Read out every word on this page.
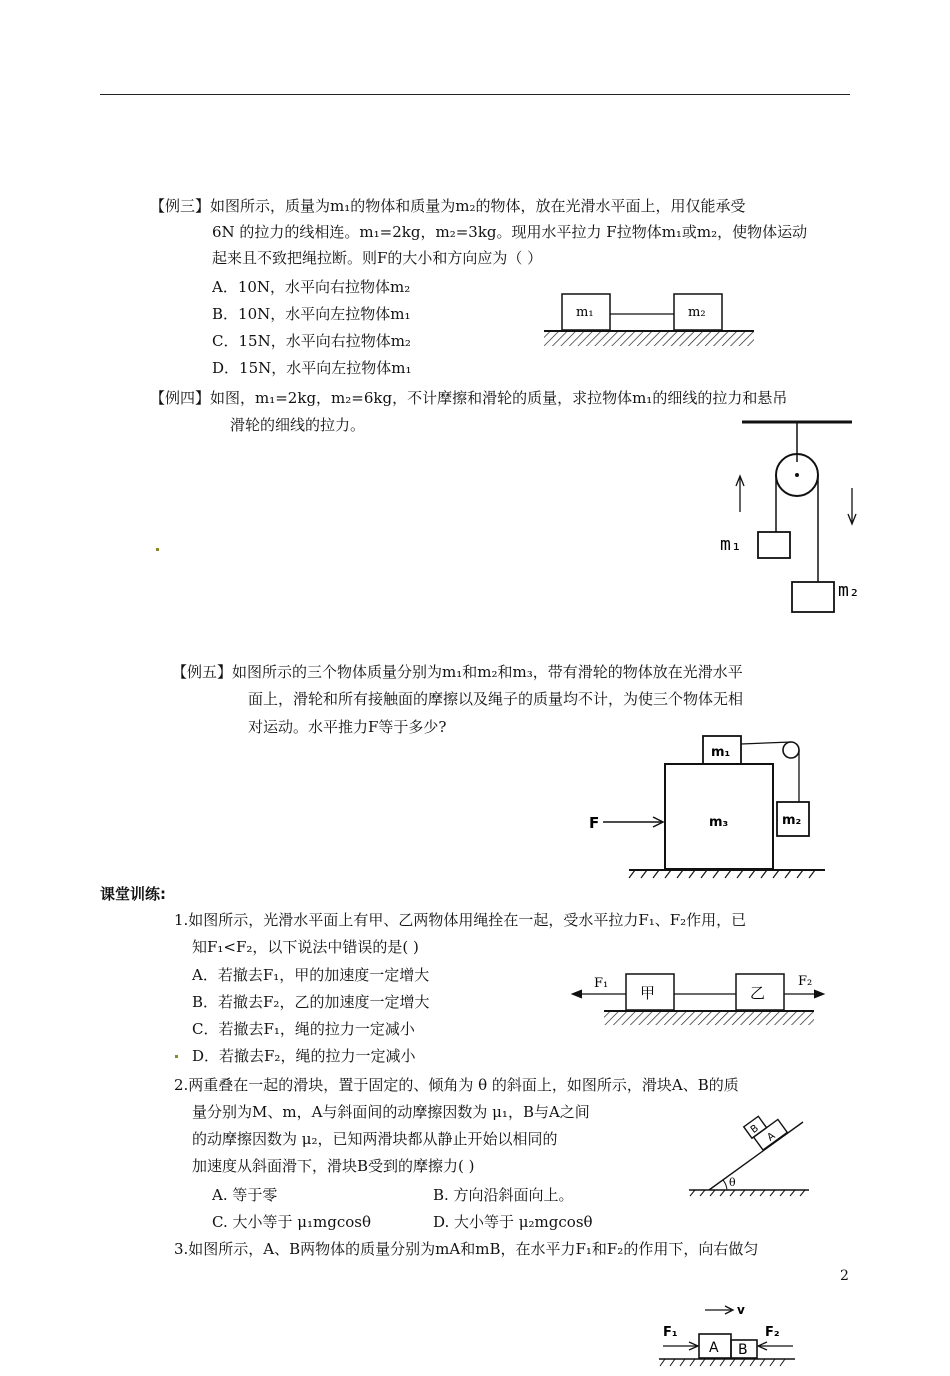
【例三】如图所示，质量为m₁的物体和质量为m₂的物体，放在光滑水平面上，用仅能承受
6N 的拉力的线相连。m₁=2kg，m₂=3kg。现用水平拉力 F拉物体m₁或m₂，使物体运动
起来且不致把绳拉断。则F的大小和方向应为（ ）
A．10N，水平向右拉物体m₂
B．10N，水平向左拉物体m₁
C．15N，水平向右拉物体m₂
D．15N，水平向左拉物体m₁
m₁	m₂
【例四】如图，m₁=2kg，m₂=6kg，不计摩擦和滑轮的质量，求拉物体m₁的细线的拉力和悬吊
滑轮的细线的拉力。
m₁
m₂
【例五】如图所示的三个物体质量分别为m₁和m₂和m₃，带有滑轮的物体放在光滑水平
面上，滑轮和所有接触面的摩擦以及绳子的质量均不计，为使三个物体无相
对运动。水平推力F等于多少?
F
m₁
m₃	m₂
课堂训练:
1.如图所示，光滑水平面上有甲、乙两物体用绳拴在一起，受水平拉力F₁、F₂作用，已
知F₁<F₂，以下说法中错误的是( )
A．若撤去F₁，甲的加速度一定增大
B．若撤去F₂，乙的加速度一定增大
C．若撤去F₁，绳的拉力一定减小
D．若撤去F₂，绳的拉力一定减小
F₁	F₂
甲	乙
2.两重叠在一起的滑块，置于固定的、倾角为 θ 的斜面上，如图所示，滑块A、B的质
量分别为M、m，A与斜面间的动摩擦因数为 μ₁，B与A之间
的动摩擦因数为 μ₂，已知两滑块都从静止开始以相同的
加速度从斜面滑下，滑块B受到的摩擦力( )
A. 等于零	B. 方向沿斜面向上。
C. 大小等于 μ₁mgcosθ	D. 大小等于 μ₂mgcosθ
A
B
θ
3.如图所示，A、B两物体的质量分别为mA和mB，在水平力F₁和F₂的作用下，向右做匀
2
v
F₁	F₂
A B
